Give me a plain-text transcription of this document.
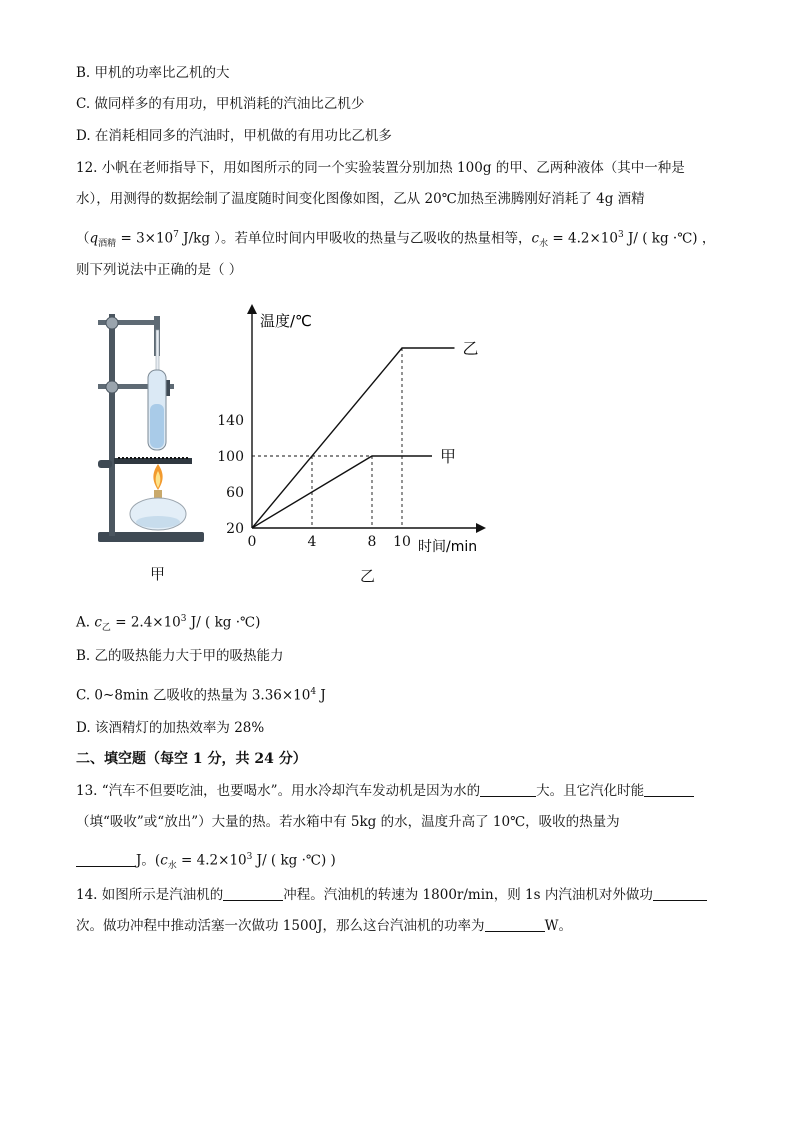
B. 甲机的功率比乙机的大
C. 做同样多的有用功，甲机消耗的汽油比乙机少
D. 在消耗相同多的汽油时，甲机做的有用功比乙机多
12. 小帆在老师指导下，用如图所示的同一个实验装置分别加热 100g 的甲、乙两种液体（其中一种是
水），用测得的数据绘制了温度随时间变化图像如图，乙从 20℃加热至沸腾刚好消耗了 4g 酒精
（$q_{酒精} = 3\times 10^7$ J/kg ）。若单位时间内甲吸收的热量与乙吸收的热量相等，$c_水 = 4.2\times 10^3$ J/ ( kg ·℃) ，
则下列说法中正确的是（ ）
甲
温度/℃
时间/min
20
60
100
140
0	4	8 10
乙
甲
乙
A. $c_乙 = 2.4\times 10^3$ J/ ( kg ·℃)
B. 乙的吸热能力大于甲的吸热能力
C. 0~8min 乙吸收的热量为 $3.36\times 10^4$ J
D. 该酒精灯的加热效率为 28%
二、填空题（每空 1 分，共 24 分）
13. “汽车不但要吃油，也要喝水”。用水冷却汽车发动机是因为水的	大。且它汽化时能
（填“吸收”或“放出”）大量的热。若水箱中有 5kg 的水，温度升高了 10℃，吸收的热量为
J。($c_水 = 4.2\times 10^3$ J/ ( kg ·℃) )
14. 如图所示是汽油机的	冲程。汽油机的转速为 1800r/min，则 1s 内汽油机对外做功
次。做功冲程中推动活塞一次做功 1500J，那么这台汽油机的功率为	W。
